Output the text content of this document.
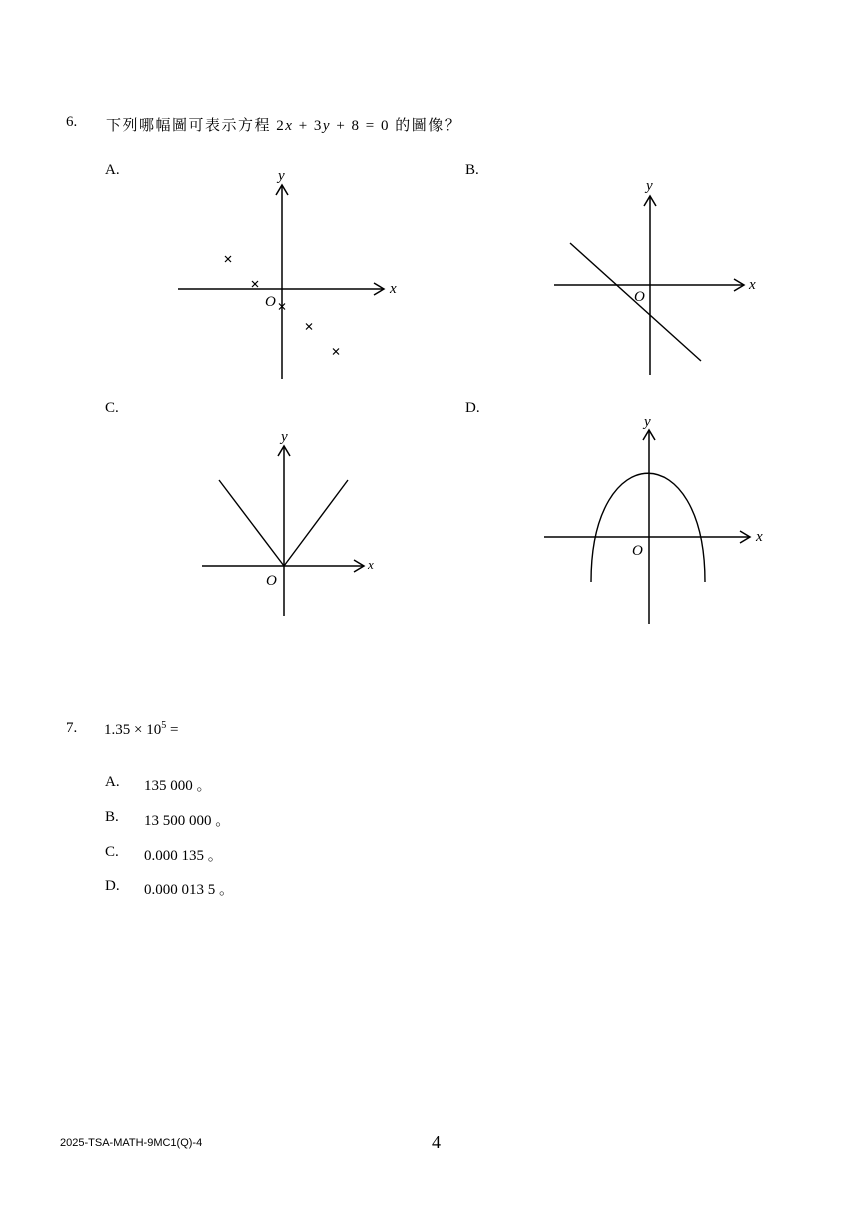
6. 下列哪幅圖可表示方程 2x + 3y + 8 = 0 的圖像？
A.	B.
C.	D.
x
y
O
x
y
O
x
y
O
x
y
O
7. $1.35 \times 10^5$ =
A. 135 000 。
B. 13 500 000 。
C. 0.000 135 。
D. 0.000 013 5 。
2025-TSA-MATH-9MC1(Q)-4	4
